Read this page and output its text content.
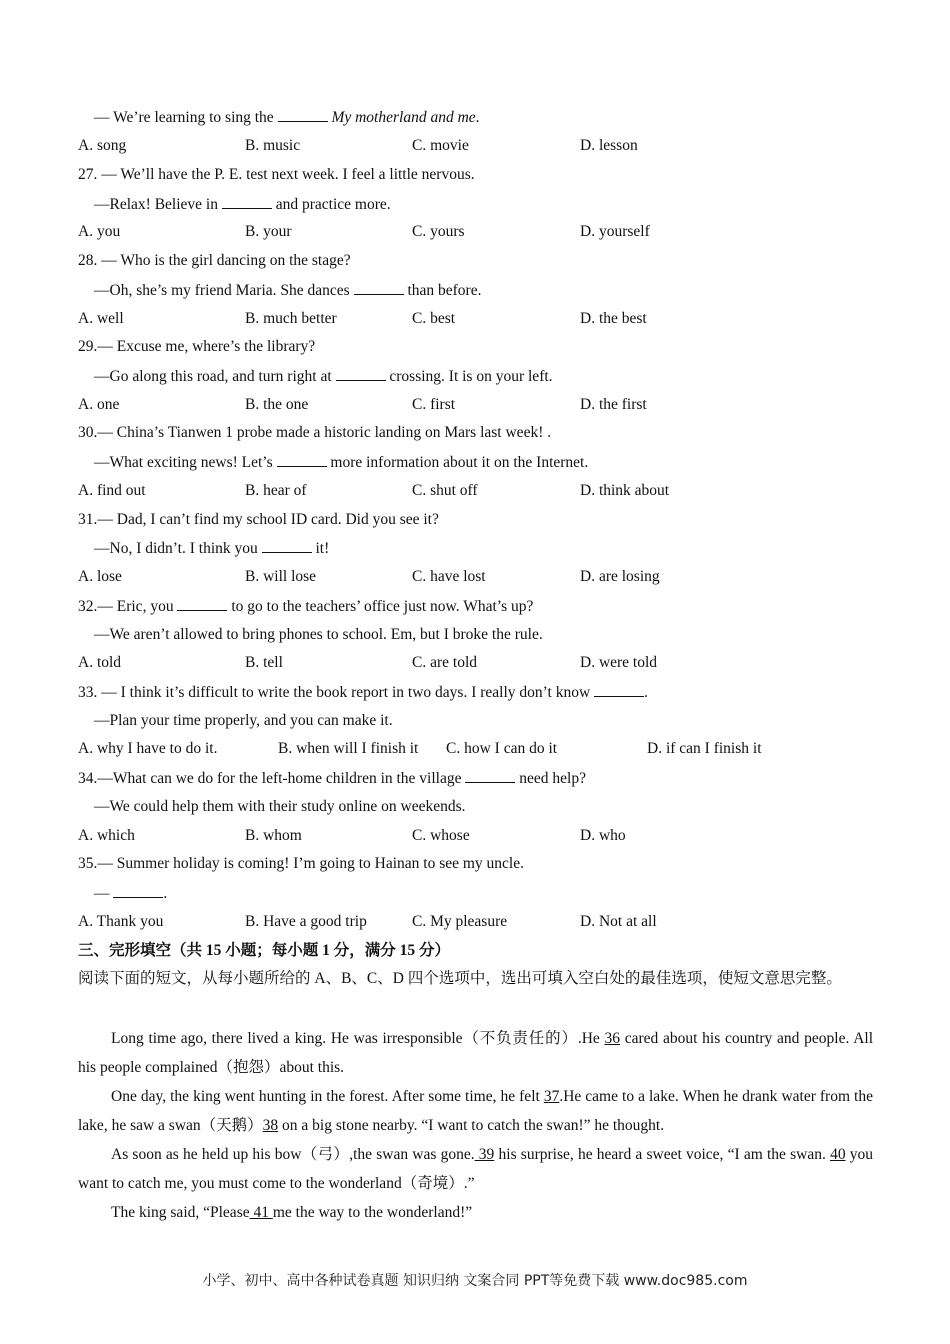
— We’re learning to sing the	My motherland and me.
A. song	B. music	C. movie	D. lesson
27. — We’ll have the P. E. test next week. I feel a little nervous.
—Relax! Believe in	and practice more.
A. you	B. your	C. yours	D. yourself
28. — Who is the girl dancing on the stage?
—Oh, she’s my friend Maria. She dances	than before.
A. well	B. much better	C. best	D. the best
29.— Excuse me, where’s the library?
—Go along this road, and turn right at	crossing. It is on your left.
A. one	B. the one	C. first	D. the first
30.— China’s Tianwen 1 probe made a historic landing on Mars last week! .
—What exciting news! Let’s	more information about it on the Internet.
A. find out	B. hear of	C. shut off	D. think about
31.— Dad, I can’t find my school ID card. Did you see it?
—No, I didn’t. I think you	it!
A. lose	B. will lose	C. have lost	D. are losing
32.— Eric, you	to go to the teachers’ office just now. What’s up?
—We aren’t allowed to bring phones to school. Em, but I broke the rule.
A. told	B. tell	C. are told	D. were told
33. — I think it’s difficult to write the book report in two days. I really don’t know	.
—Plan your time properly, and you can make it.
A. why I have to do it.	B. when will I finish it C. how I can do it	D. if can I finish it
34.—What can we do for the left-home children in the village	need help?
—We could help them with their study online on weekends.
A. which	B. whom	C. whose	D. who
35.— Summer holiday is coming! I’m going to Hainan to see my uncle.
—	.
A. Thank you	B. Have a good trip	C. My pleasure	D. Not at all
三、完形填空（共 15 小题；每小题 1 分，满分 15 分）
阅读下面的短文，从每小题所给的 A、B、C、D 四个选项中，选出可填入空白处的最佳选项，使短文意思完整。
Long time ago, there lived a king. He was irresponsible（不负责任的）.He 36 cared about his country and people. All his people complained（抱怨）about this.
One day, the king went hunting in the forest. After some time, he felt 37.He came to a lake. When he drank water from the lake, he saw a swan（天鹅）38 on a big stone nearby. “I want to catch the swan!” he thought.
As soon as he held up his bow（弓）,the swan was gone. 39 his surprise, he heard a sweet voice, “I am the swan. 40 you want to catch me, you must come to the wonderland（奇境）.”
The king said, “Please 41 me the way to the wonderland!”
小学、初中、高中各种试卷真题 知识归纳 文案合同 PPT等免费下载 www.doc985.com
